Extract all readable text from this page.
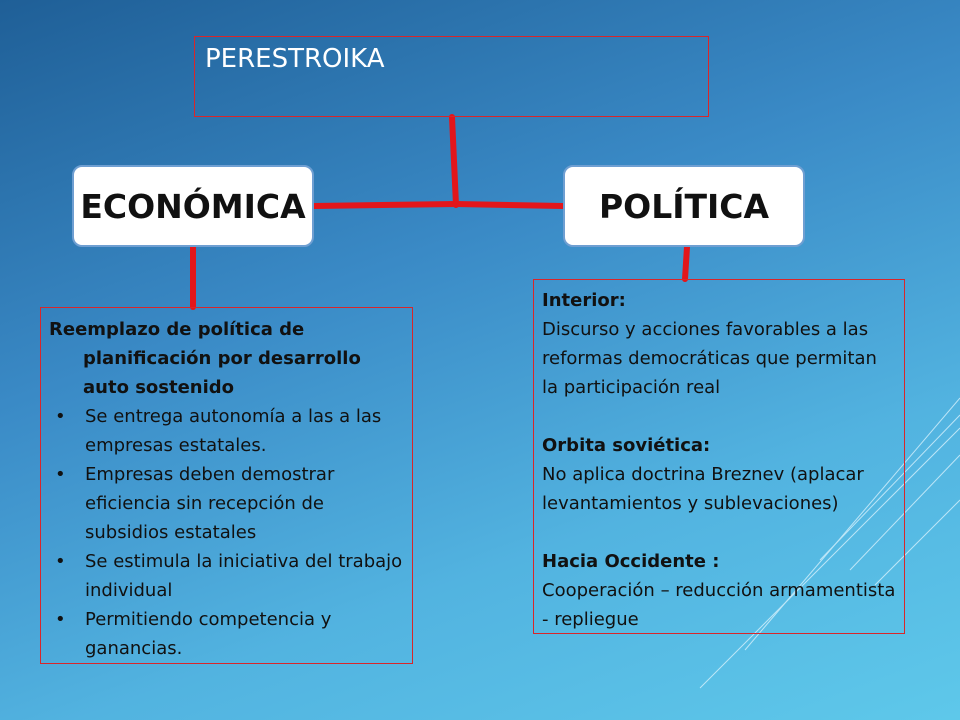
PERESTROIKA
ECONÓMICA	POLÍTICA
Reemplazo de política de planificación por desarrollo auto sostenido
• Se entrega autonomía a las a las empresas estatales.
• Empresas deben demostrar eficiencia sin recepción de subsidios estatales
• Se estimula la iniciativa del trabajo individual
• Permitiendo competencia y ganancias.
Interior:
Discurso y acciones favorables a las reformas democráticas que permitan la participación real
Orbita soviética:
No aplica doctrina Breznev (aplacar levantamientos y sublevaciones)
Hacia Occidente :
Cooperación – reducción armamentista - repliegue
